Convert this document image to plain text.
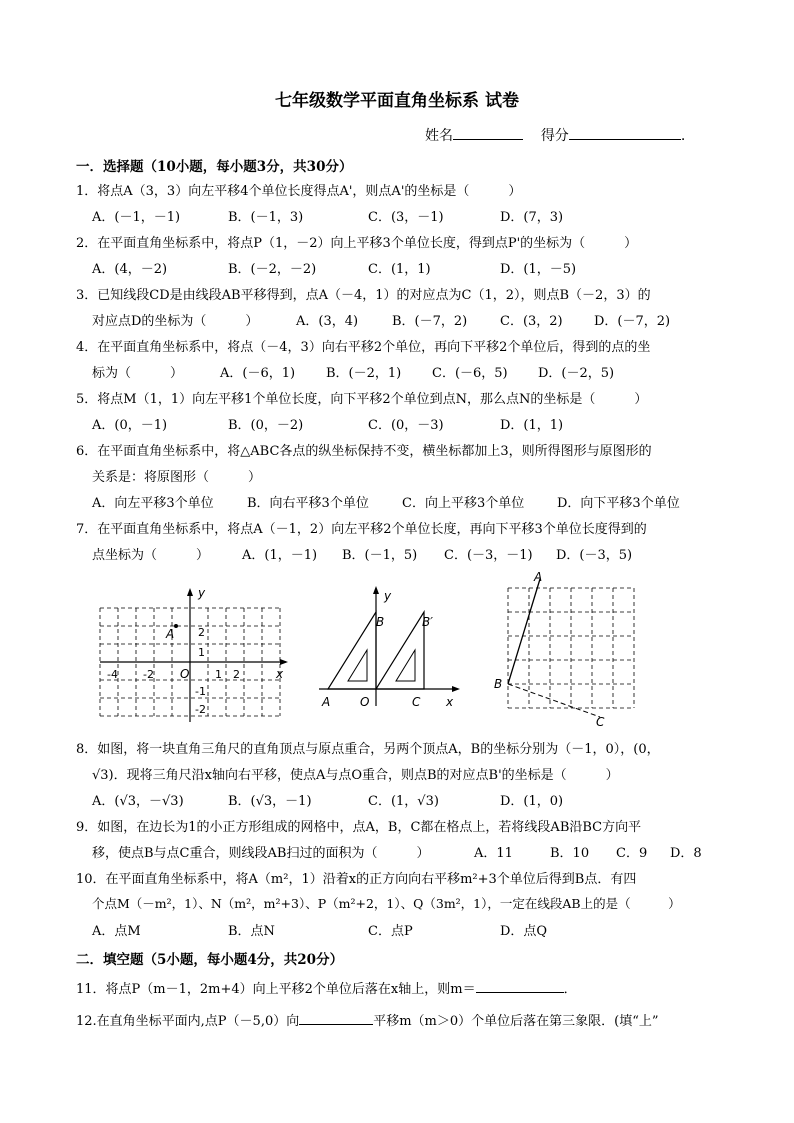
七年级数学平面直角坐标系 试卷
姓名	得分	.
一．选择题（10小题，每小题3分，共30分）
1．将点A（3，3）向左平移4个单位长度得点A'，则点A'的坐标是（　　　）
A．(－1，－1)	B．(－1，3)	C．(3，－1)	D．(7，3)
2．在平面直角坐标系中，将点P（1，－2）向上平移3个单位长度，得到点P'的坐标为（　　　）
A．(4，－2)	B．(－2，－2)	C．(1，1)	D．(1，－5)
3．已知线段CD是由线段AB平移得到，点A（－4，1）的对应点为C（1，2），则点B（－2，3）的
对应点D的坐标为（　　　）	A．(3，4)	B．(－7，2)	C．(3，2) D．(－7，2)
4．在平面直角坐标系中，将点（－4，3）向右平移2个单位，再向下平移2个单位后，得到的点的坐
标为（　　　）	A．(－6，1) B．(－2，1) C．(－6，5) D．(－2，5)
5．将点M（1，1）向左平移1个单位长度，向下平移2个单位到点N，那么点N的坐标是（　　　）
A．(0，－1)	B．(0，－2)	C．(0，－3)	D．(1，1)
6．在平面直角坐标系中，将△ABC各点的纵坐标保持不变，横坐标都加上3，则所得图形与原图形的
关系是：将原图形（　　　）
A．向左平移3个单位	B．向右平移3个单位	C．向上平移3个单位	D．向下平移3个单位
7．在平面直角坐标系中，将点A（－1，2）向左平移2个单位长度，再向下平移3个单位长度得到的
点坐标为（　　　）	A．(1，－1) B．(－1，5) C．(－3，－1) D．(－3，5)
y
x
O
A 2
1
-1
-2
-4 -2	1 2
y
x
B	B′
A O	C
A
B
C
8．如图，将一块直角三角尺的直角顶点与原点重合，另两个顶点A，B的坐标分别为（－1，0），(0，
√3)．现将三角尺沿x轴向右平移，使点A与点O重合，则点B的对应点B'的坐标是（　　　）
A．(√3，－√3)	B．(√3，－1)	C．(1，√3)	D．(1，0)
9．如图，在边长为1的小正方形组成的网格中，点A，B，C都在格点上，若将线段AB沿BC方向平
移，使点B与点C重合，则线段AB扫过的面积为（　　　）	A．11	B．10 C．9 D．8
10．在平面直角坐标系中，将A（m²，1）沿着x的正方向向右平移m²+3个单位后得到B点．有四
个点M（－m²，1）、N（m²，m²+3）、P（m²+2，1）、Q（3m²，1），一定在线段AB上的是（　　　）
A．点M	B．点N	C．点P	D．点Q
二．填空题（5小题，每小题4分，共20分）
11．将点P（m－1，2m+4）向上平移2个单位后落在x轴上，则m＝	．
12.在直角坐标平面内,点P（－5,0）向	平移m（m＞0）个单位后落在第三象限．(填“上”
